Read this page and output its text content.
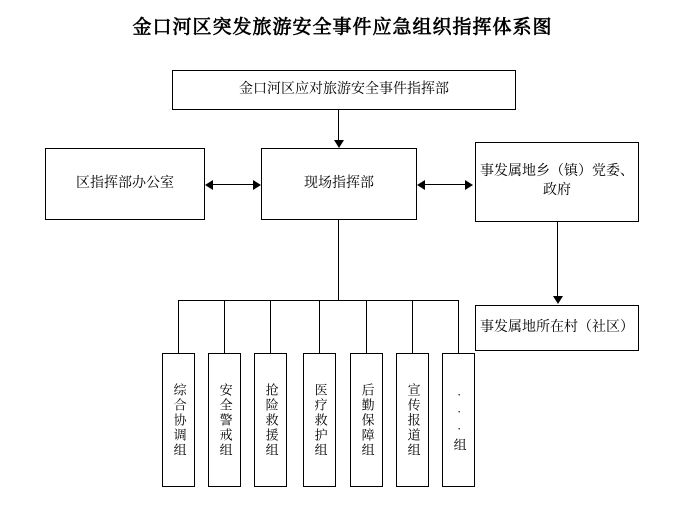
金口河区突发旅游安全事件应急组织指挥体系图
金口河区应对旅游安全事件指挥部
区指挥部办公室	现场指挥部
事发属地乡（镇）党委、政府
事发属地所在村（社区）
综合协调组	安全警戒组	抢险救援组	医疗救护组	后勤保障组	宣传报道组	···组
